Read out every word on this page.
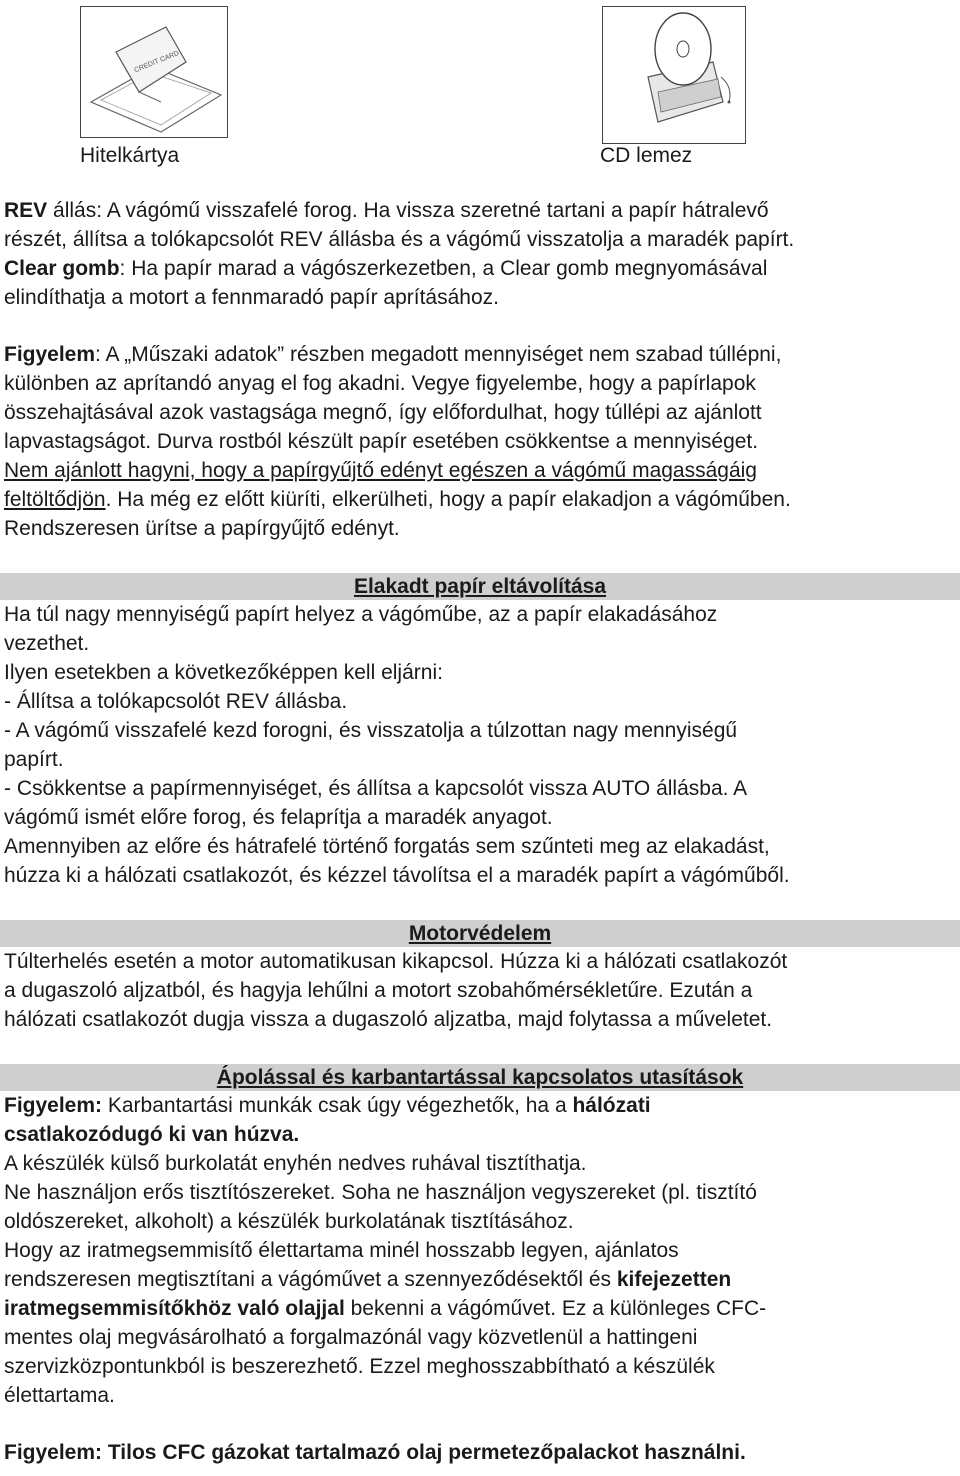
CREDIT CARD
Hitelkártya	CD lemez

REV állás: A vágómű visszafelé forog. Ha vissza szeretné tartani a papír hátralevő

részét, állítsa a tolókapcsolót REV állásba és a vágómű visszatolja a maradék papírt.

Clear gomb: Ha papír marad a vágószerkezetben, a Clear gomb megnyomásával

elindíthatja a motort a fennmaradó papír aprításához.

Figyelem: A „Műszaki adatok” részben megadott mennyiséget nem szabad túllépni,

különben az aprítandó anyag el fog akadni. Vegye figyelembe, hogy a papírlapok

összehajtásával azok vastagsága megnő, így előfordulhat, hogy túllépi az ajánlott

lapvastagságot. Durva rostból készült papír esetében csökkentse a mennyiséget.

Nem ajánlott hagyni, hogy a papírgyűjtő edényt egészen a vágómű magasságáig

feltöltődjön. Ha még ez előtt kiüríti, elkerülheti, hogy a papír elakadjon a vágóműben.

Rendszeresen ürítse a papírgyűjtő edényt.

Elakadt papír eltávolítása

Ha túl nagy mennyiségű papírt helyez a vágóműbe, az a papír elakadásához

vezethet.

Ilyen esetekben a következőképpen kell eljárni:

- Állítsa a tolókapcsolót REV állásba.

- A vágómű visszafelé kezd forogni, és visszatolja a túlzottan nagy mennyiségű

papírt.

- Csökkentse a papírmennyiséget, és állítsa a kapcsolót vissza AUTO állásba. A

vágómű ismét előre forog, és felaprítja a maradék anyagot.

Amennyiben az előre és hátrafelé történő forgatás sem szűnteti meg az elakadást,

húzza ki a hálózati csatlakozót, és kézzel távolítsa el a maradék papírt a vágóműből.

Motorvédelem

Túlterhelés esetén a motor automatikusan kikapcsol. Húzza ki a hálózati csatlakozót

a dugaszoló aljzatból, és hagyja lehűlni a motort szobahőmérsékletűre. Ezután a

hálózati csatlakozót dugja vissza a dugaszoló aljzatba, majd folytassa a műveletet.

Ápolással és karbantartással kapcsolatos utasítások

Figyelem: Karbantartási munkák csak úgy végezhetők, ha a hálózati

csatlakozódugó ki van húzva.

A készülék külső burkolatát enyhén nedves ruhával tisztíthatja.

Ne használjon erős tisztítószereket. Soha ne használjon vegyszereket (pl. tisztító

oldószereket, alkoholt) a készülék burkolatának tisztításához.

Hogy az iratmegsemmisítő élettartama minél hosszabb legyen, ajánlatos

rendszeresen megtisztítani a vágóművet a szennyeződésektől és kifejezetten

iratmegsemmisítőkhöz való olajjal bekenni a vágóművet. Ez a különleges CFC-

mentes olaj megvásárolható a forgalmazónál vagy közvetlenül a hattingeni

szervizközpontunkból is beszerezhető. Ezzel meghosszabbítható a készülék

élettartama.

Figyelem: Tilos CFC gázokat tartalmazó olaj permetezőpalackot használni.
